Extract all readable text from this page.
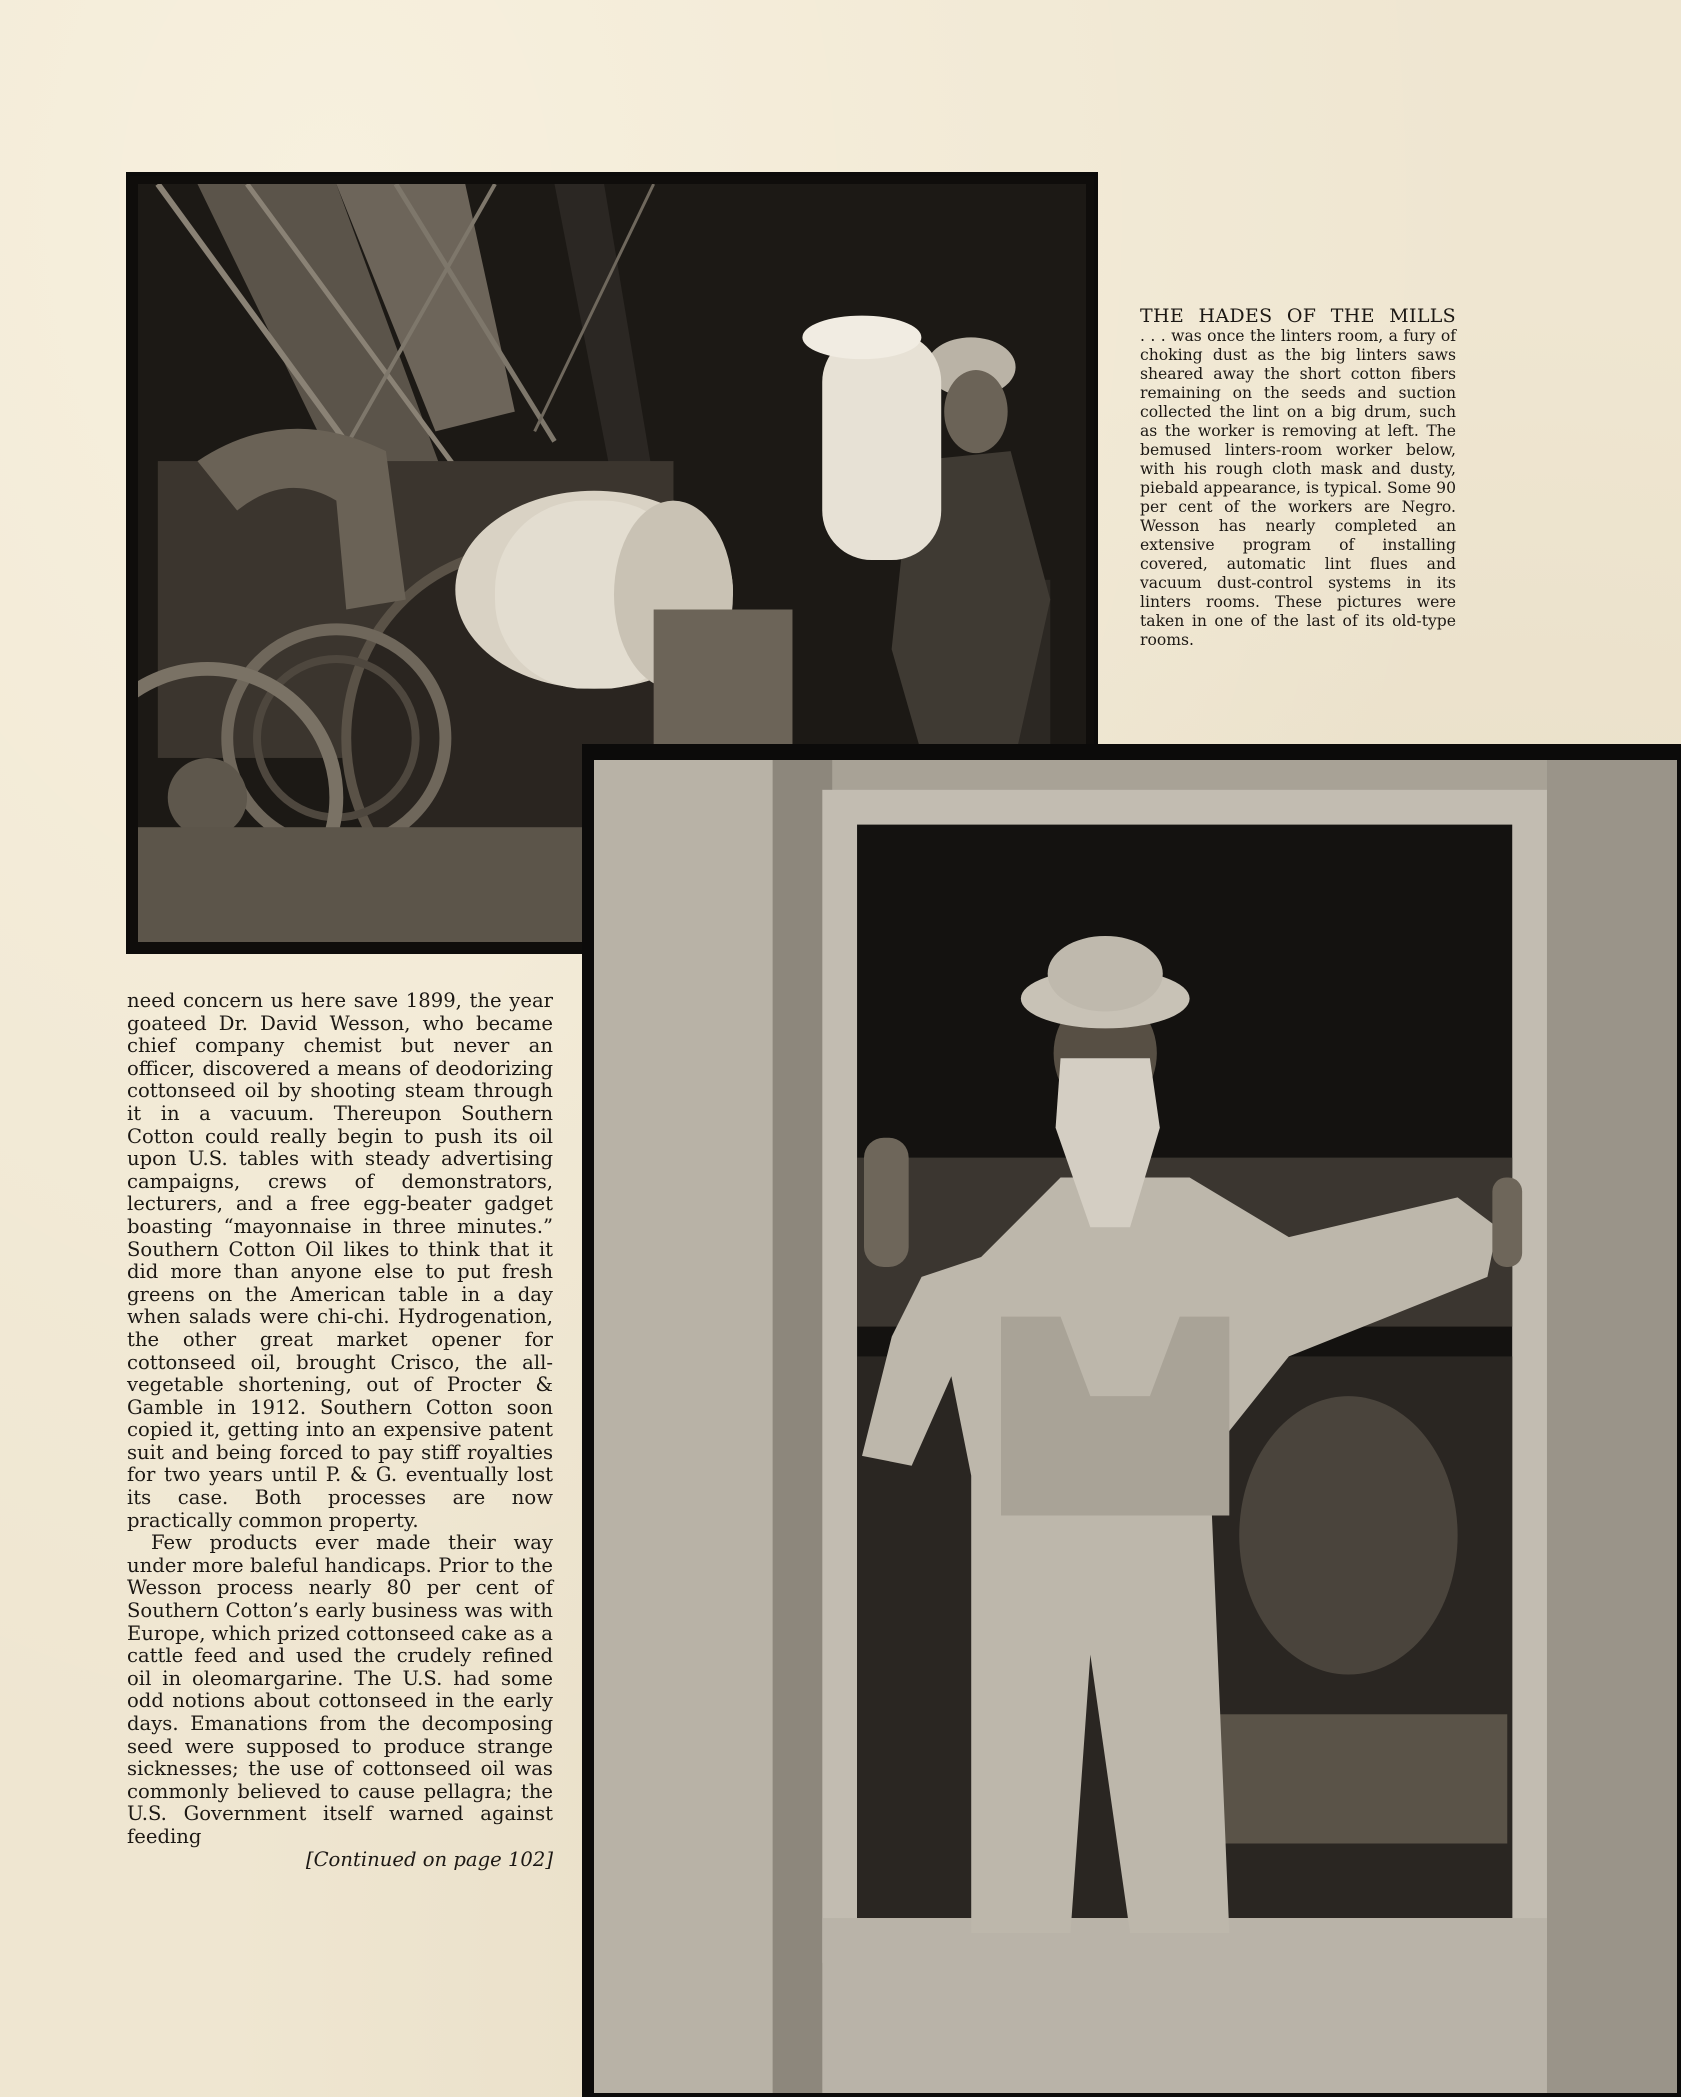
THE HADES OF THE MILLS
. . . was once the linters room, a fury of choking dust as the big linters saws sheared away the short cotton fibers remaining on the seeds and suction collected the lint on a big drum, such as the worker is removing at left. The bemused linters-room worker below, with his rough cloth mask and dusty, piebald appearance, is typical. Some 90 per cent of the workers are Negro. Wesson has nearly completed an extensive program of installing covered, automatic lint flues and vacuum dust-control systems in its linters rooms. These pictures were taken in one of the last of its old-type rooms.

need concern us here save 1899, the year goateed Dr. David Wesson, who became chief company chemist but never an officer, discovered a means of deodorizing cottonseed oil by shooting steam through it in a vacuum. Thereupon Southern Cotton could really begin to push its oil upon U.S. tables with steady advertising campaigns, crews of demonstrators, lecturers, and a free egg-beater gadget boasting “mayonnaise in three minutes.” Southern Cotton Oil likes to think that it did more than anyone else to put fresh greens on the American table in a day when salads were chi-chi. Hydrogenation, the other great market opener for cottonseed oil, brought Crisco, the all-vegetable shortening, out of Procter & Gamble in 1912. Southern Cotton soon copied it, getting into an expensive patent suit and being forced to pay stiff royalties for two years until P. & G. eventually lost its case. Both processes are now practically common property.

Few products ever made their way under more baleful handicaps. Prior to the Wesson process nearly 80 per cent of Southern Cotton’s early business was with Europe, which prized cottonseed cake as a cattle feed and used the crudely refined oil in oleomargarine. The U.S. had some odd notions about cottonseed in the early days. Emanations from the decomposing seed were supposed to produce strange sicknesses; the use of cottonseed oil was commonly believed to cause pellagra; the U.S. Government itself warned against feeding

[Continued on page 102]
